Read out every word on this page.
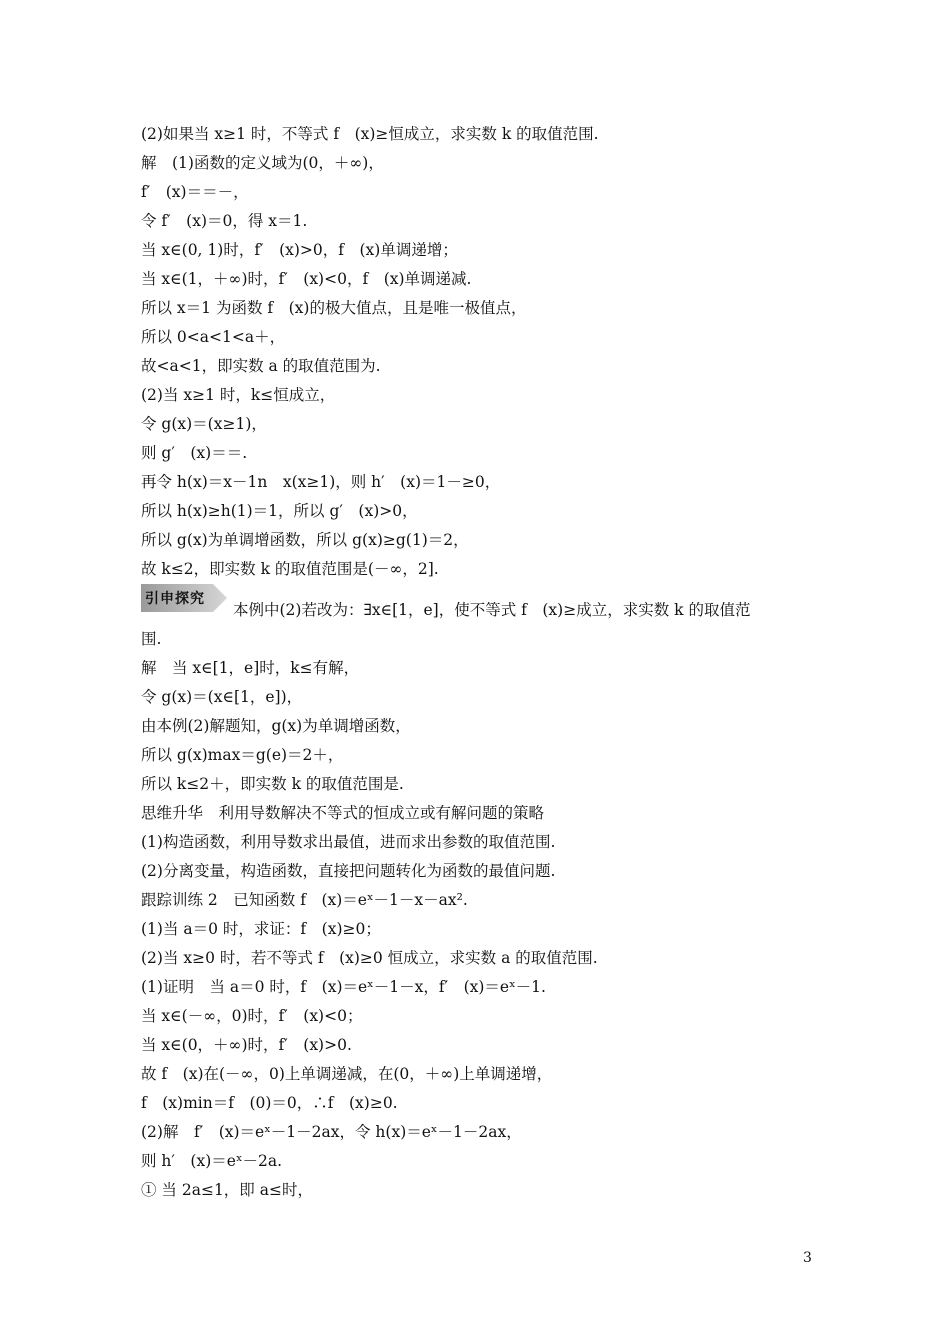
(2)如果当 x≥1 时，不等式 f　(x)≥恒成立，求实数 k 的取值范围.
解　(1)函数的定义域为(0，＋∞)，
f′　(x)＝＝－，
令 f′　(x)＝0，得 x＝1.
当 x∈(0, 1)时，f′　(x)>0，f　(x)单调递增；
当 x∈(1，＋∞)时，f′　(x)<0，f　(x)单调递减.
所以 x＝1 为函数 f　(x)的极大值点，且是唯一极值点，
所以 0<a<1<a＋，
故<a<1，即实数 a 的取值范围为.
(2)当 x≥1 时，k≤恒成立，
令 g(x)＝(x≥1)，
则 g′　(x)＝＝.
再令 h(x)＝x－1n　x(x≥1)，则 h′　(x)＝1－≥0，
所以 h(x)≥h(1)＝1，所以 g′　(x)>0，
所以 g(x)为单调增函数，所以 g(x)≥g(1)＝2，
故 k≤2，即实数 k 的取值范围是(－∞，2].
引申探究
本例中(2)若改为：∃x∈[1，e]，使不等式 f　(x)≥成立，求实数 k 的取值范
围.
解　当 x∈[1，e]时，k≤有解，
令 g(x)＝(x∈[1，e])，
由本例(2)解题知，g(x)为单调增函数，
所以 g(x)max＝g(e)＝2＋，
所以 k≤2＋，即实数 k 的取值范围是.
思维升华　利用导数解决不等式的恒成立或有解问题的策略
(1)构造函数，利用导数求出最值，进而求出参数的取值范围.
(2)分离变量，构造函数，直接把问题转化为函数的最值问题.
跟踪训练 2　已知函数 f　(x)＝eˣ－1－x－ax².
(1)当 a＝0 时，求证：f　(x)≥0；
(2)当 x≥0 时，若不等式 f　(x)≥0 恒成立，求实数 a 的取值范围.
(1)证明　当 a＝0 时，f　(x)＝eˣ－1－x，f′　(x)＝eˣ－1.
当 x∈(－∞，0)时，f′　(x)<0；
当 x∈(0，＋∞)时，f′　(x)>0.
故 f　(x)在(－∞，0)上单调递减，在(0，＋∞)上单调递增，
f　(x)min＝f　(0)＝0，∴f　(x)≥0.
(2)解　f′　(x)＝eˣ－1－2ax，令 h(x)＝eˣ－1－2ax，
则 h′　(x)＝eˣ－2a.
① 当 2a≤1，即 a≤时，
3
